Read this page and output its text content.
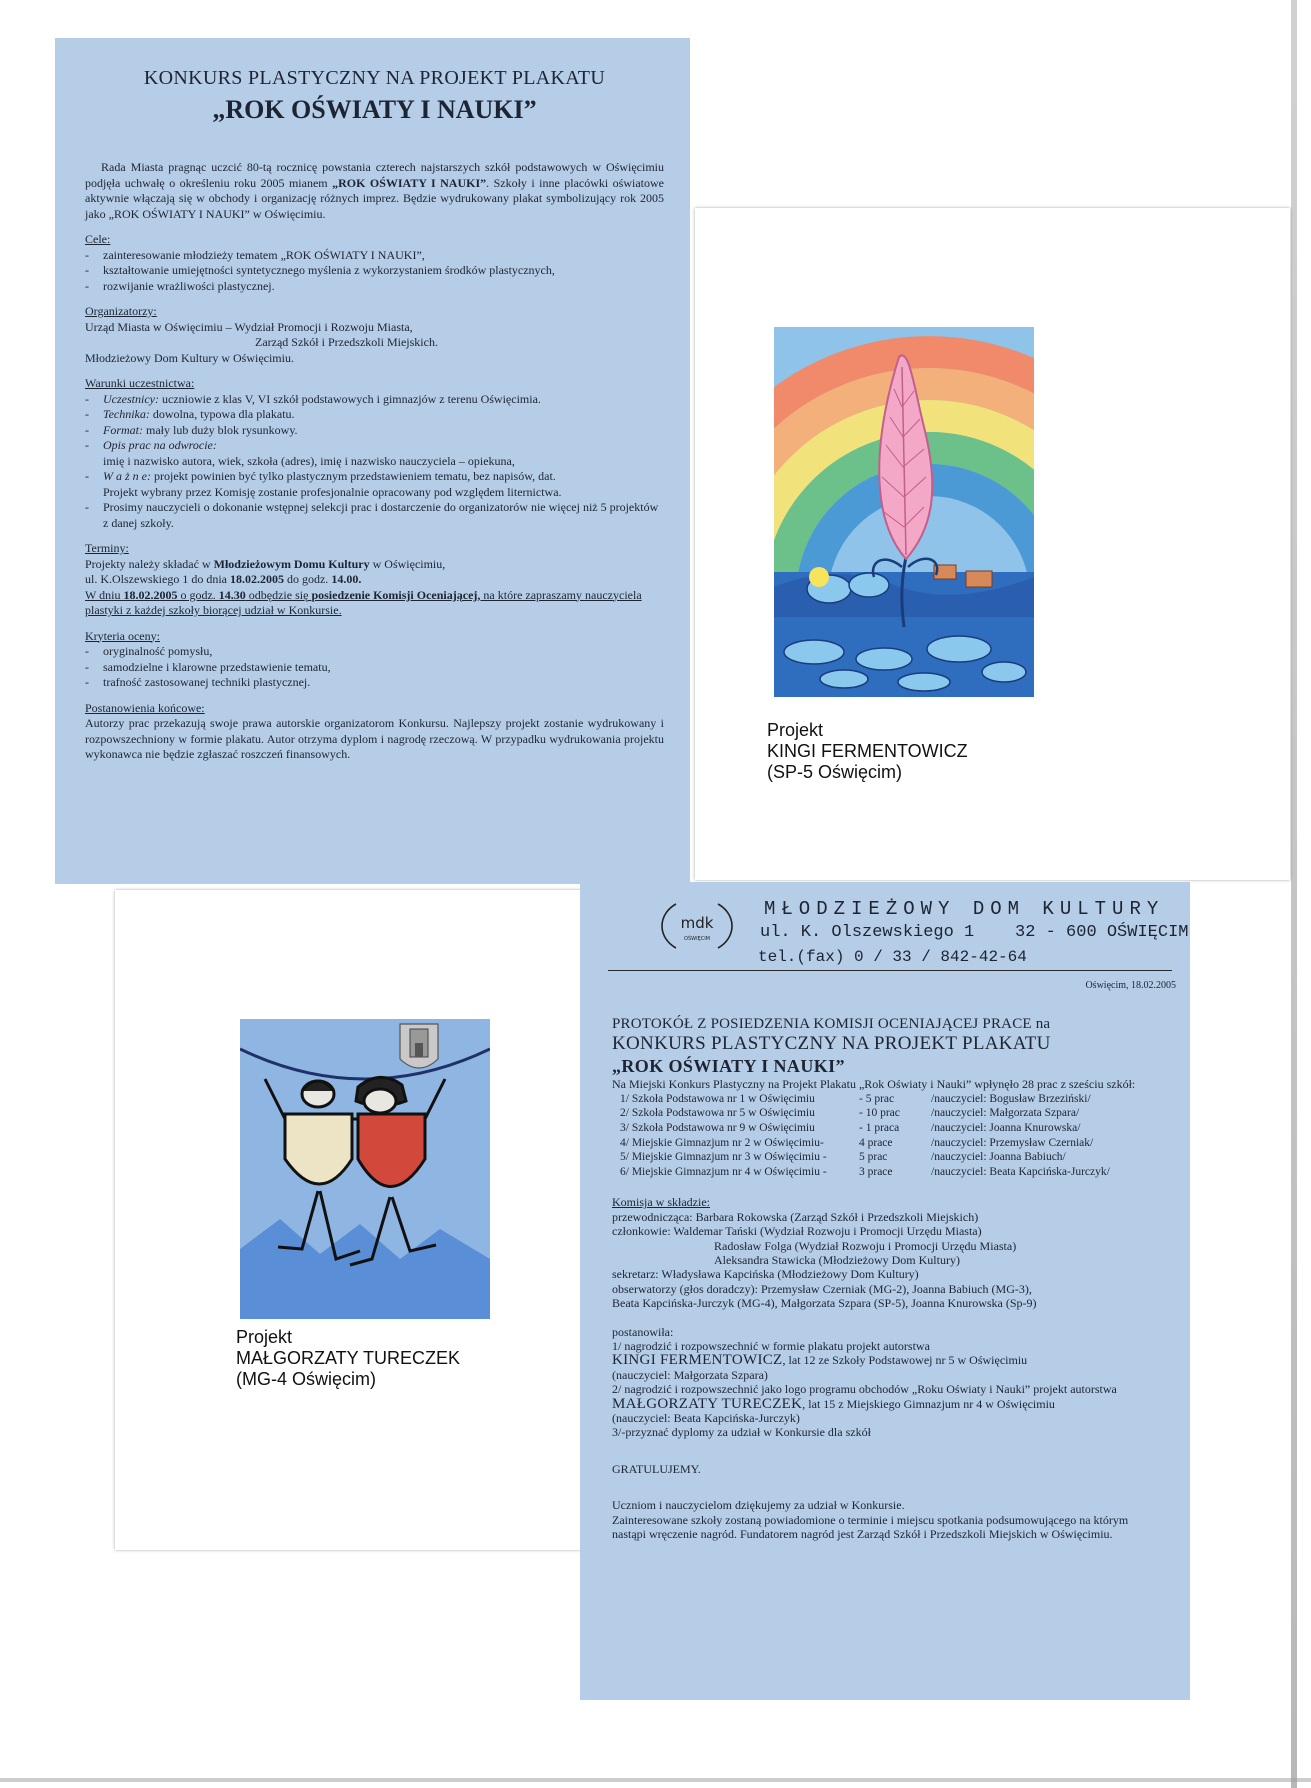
KONKURS PLASTYCZNY NA PROJEKT PLAKATU
„ROK OŚWIATY I NAUKI”

Rada Miasta pragnąc uczcić 80-tą rocznicę powstania czterech najstarszych szkół podstawowych w Oświęcimiu podjęła uchwałę o określeniu roku 2005 mianem „ROK OŚWIATY I NAUKI”. Szkoły i inne placówki oświatowe aktywnie włączają się w obchody i organizację różnych imprez. Będzie wydrukowany plakat symbolizujący rok 2005 jako „ROK OŚWIATY I NAUKI” w Oświęcimiu.

Cele:
- zainteresowanie młodzieży tematem „ROK OŚWIATY I NAUKI”,
- kształtowanie umiejętności syntetycznego myślenia z wykorzystaniem środków plastycznych,
- rozwijanie wrażliwości plastycznej.
Organizatorzy:
Urząd Miasta w Oświęcimiu – Wydział Promocji i Rozwoju Miasta,
Zarząd Szkół i Przedszkoli Miejskich.
Młodzieżowy Dom Kultury w Oświęcimiu.
Warunki uczestnictwa:
- Uczestnicy: uczniowie z klas V, VI szkół podstawowych i gimnazjów z terenu Oświęcimia.
- Technika: dowolna, typowa dla plakatu.
- Format: mały lub duży blok rysunkowy.
- Opis prac na odwrocie:
imię i nazwisko autora, wiek, szkoła (adres), imię i nazwisko nauczyciela – opiekuna,
- W a ż n e: projekt powinien być tylko plastycznym przedstawieniem tematu, bez napisów, dat.
Projekt wybrany przez Komisję zostanie profesjonalnie opracowany pod względem liternictwa.
- Prosimy nauczycieli o dokonanie wstępnej selekcji prac i dostarczenie do organizatorów nie więcej niż 5 projektów z danej szkoły.
Terminy:
Projekty należy składać w Młodzieżowym Domu Kultury w Oświęcimiu,
ul. K.Olszewskiego 1 do dnia 18.02.2005 do godz. 14.00.
W dniu 18.02.2005 o godz. 14.30 odbędzie się posiedzenie Komisji Oceniającej, na które zapraszamy nauczyciela plastyki z każdej szkoły biorącej udział w Konkursie.
Kryteria oceny:
- oryginalność pomysłu,
- samodzielne i klarowne przedstawienie tematu,
- trafność zastosowanej techniki plastycznej.
Postanowienia końcowe:

Autorzy prac przekazują swoje prawa autorskie organizatorom Konkursu. Najlepszy projekt zostanie wydrukowany i rozpowszechniony w formie plakatu. Autor otrzyma dyplom i nagrodę rzeczową. W przypadku wydrukowania projektu wykonawca nie będzie zgłaszać roszczeń finansowych.

Projekt
KINGI FERMENTOWICZ
(SP-5 Oświęcim)
Projekt
MAŁGORZATY TURECZEK
(MG-4 Oświęcim)
mdk
OŚWIĘCIM
MŁODZIEŻOWY DOM KULTURY
ul. K. Olszewskiego 1    32 - 600 OŚWIĘCIM
tel.(fax) 0 / 33 / 842-42-64
Oświęcim, 18.02.2005
PROTOKÓŁ Z POSIEDZENIA KOMISJI OCENIAJĄCEJ PRACE na
KONKURS PLASTYCZNY NA PROJEKT PLAKATU
„ROK OŚWIATY I NAUKI”

Na Miejski Konkurs Plastyczny na Projekt Plakatu „Rok Oświaty i Nauki” wpłynęło 28 prac z sześciu szkół:

1/ Szkoła Podstawowa nr 1 w Oświęcimiu	- 5 prac	/nauczyciel: Bogusław Brzeziński/
2/ Szkoła Podstawowa nr 5 w Oświęcimiu	- 10 prac	/nauczyciel: Małgorzata Szpara/
3/ Szkoła Podstawowa nr 9 w Oświęcimiu	- 1 praca	/nauczyciel: Joanna Knurowska/
4/ Miejskie Gimnazjum nr 2 w Oświęcimiu-	4 prace	/nauczyciel: Przemysław Czerniak/
5/ Miejskie Gimnazjum nr 3 w Oświęcimiu -	5 prac	/nauczyciel: Joanna Babiuch/
6/ Miejskie Gimnazjum nr 4 w Oświęcimiu -	3 prace	/nauczyciel: Beata Kapcińska-Jurczyk/
Komisja w składzie:
przewodnicząca: Barbara Rokowska (Zarząd Szkół i Przedszkoli Miejskich)
członkowie: Waldemar Tański (Wydział Rozwoju i Promocji Urzędu Miasta)
Radosław Folga (Wydział Rozwoju i Promocji Urzędu Miasta)
Aleksandra Stawicka (Młodzieżowy Dom Kultury)
sekretarz: Władysława Kapcińska (Młodzieżowy Dom Kultury)
obserwatorzy (głos doradczy): Przemysław Czerniak (MG-2), Joanna Babiuch (MG-3),
Beata Kapcińska-Jurczyk (MG-4), Małgorzata Szpara (SP-5), Joanna Knurowska (Sp-9)
postanowiła:
1/ nagrodzić i rozpowszechnić w formie plakatu projekt autorstwa
KINGI FERMENTOWICZ, lat 12 ze Szkoły Podstawowej nr 5 w Oświęcimiu
(nauczyciel: Małgorzata Szpara)
2/ nagrodzić i rozpowszechnić jako logo programu obchodów „Roku Oświaty i Nauki” projekt autorstwa
MAŁGORZATY TURECZEK, lat 15 z Miejskiego Gimnazjum nr 4 w Oświęcimiu
(nauczyciel: Beata Kapcińska-Jurczyk)
3/-przyznać dyplomy za udział w Konkursie dla szkół
GRATULUJEMY.
Uczniom i nauczycielom dziękujemy za udział w Konkursie.
Zainteresowane szkoły zostaną powiadomione o terminie i miejscu spotkania podsumowującego na którym nastąpi wręczenie nagród. Fundatorem nagród jest Zarząd Szkół i Przedszkoli Miejskich w Oświęcimiu.
